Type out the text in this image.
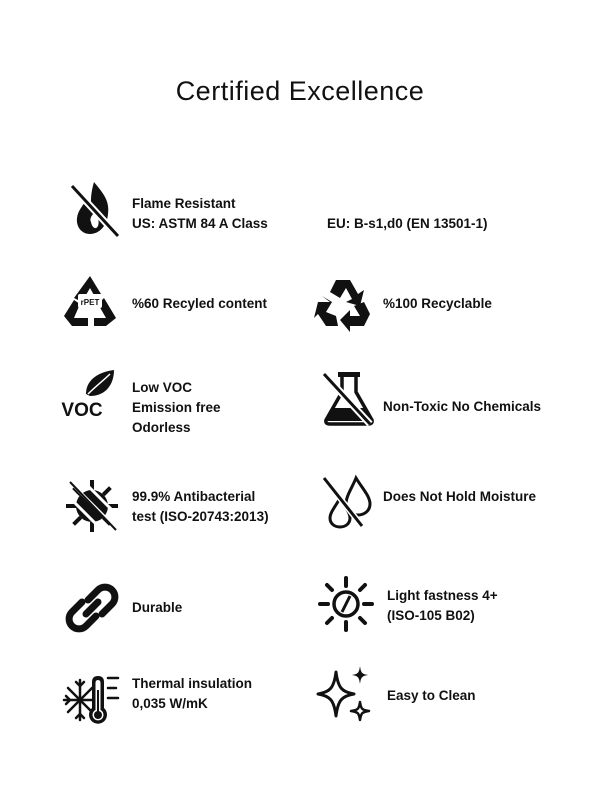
Certified Excellence
Flame Resistant
US: ASTM 84 A Class	EU: B-s1,d0 (EN 13501-1)
rPET %60 Recyled content	%100 Recyclable
VOC
Low VOC
Emission free
Odorless
Non-Toxic No Chemicals
99.9% Antibacterial
test (ISO-20743:2013)
Does Not Hold Moisture
Durable
Light fastness 4+
(ISO-105 B02)
Thermal insulation
0,035 W/mK
Easy to Clean
